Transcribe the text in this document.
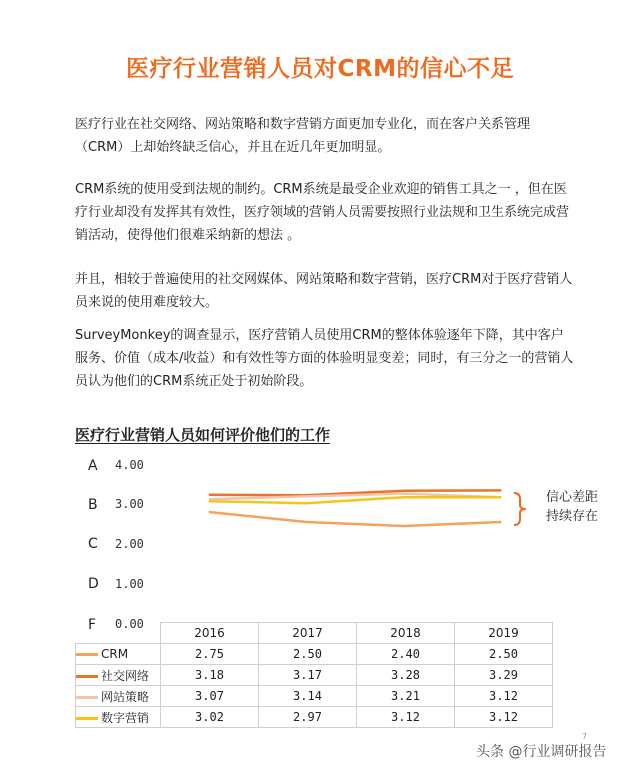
医疗行业营销人员对CRM的信心不足
医疗行业在社交网络、网站策略和数字营销方面更加专业化，而在客户关系管理（CRM）上却始终缺乏信心，并且在近几年更加明显。
CRM系统的使用受到法规的制约。CRM系统是最受企业欢迎的销售工具之一 ，但在医疗行业却没有发挥其有效性，医疗领域的营销人员需要按照行业法规和卫生系统完成营销活动，使得他们很难采纳新的想法 。
并且，相较于普遍使用的社交网媒体、网站策略和数字营销，医疗CRM对于医疗营销人员来说的使用难度较大。
SurveyMonkey的调查显示，医疗营销人员使用CRM的整体体验逐年下降，其中客户服务、价值（成本/收益）和有效性等方面的体验明显变差；同时，有三分之一的营销人员认为他们的CRM系统正处于初始阶段。
医疗行业营销人员如何评价他们的工作
A
B
C
D
F
4.00
3.00
2.00
1.00
0.00
信心差距持续存在
	2016	2017	2018	2019
CRM	2.75	2.50	2.40	2.50
社交网络	3.18	3.17	3.28	3.29
网站策略	3.07	3.14	3.21	3.12
数字营销	3.02	2.97	3.12	3.12
7
头条 @行业调研报告
